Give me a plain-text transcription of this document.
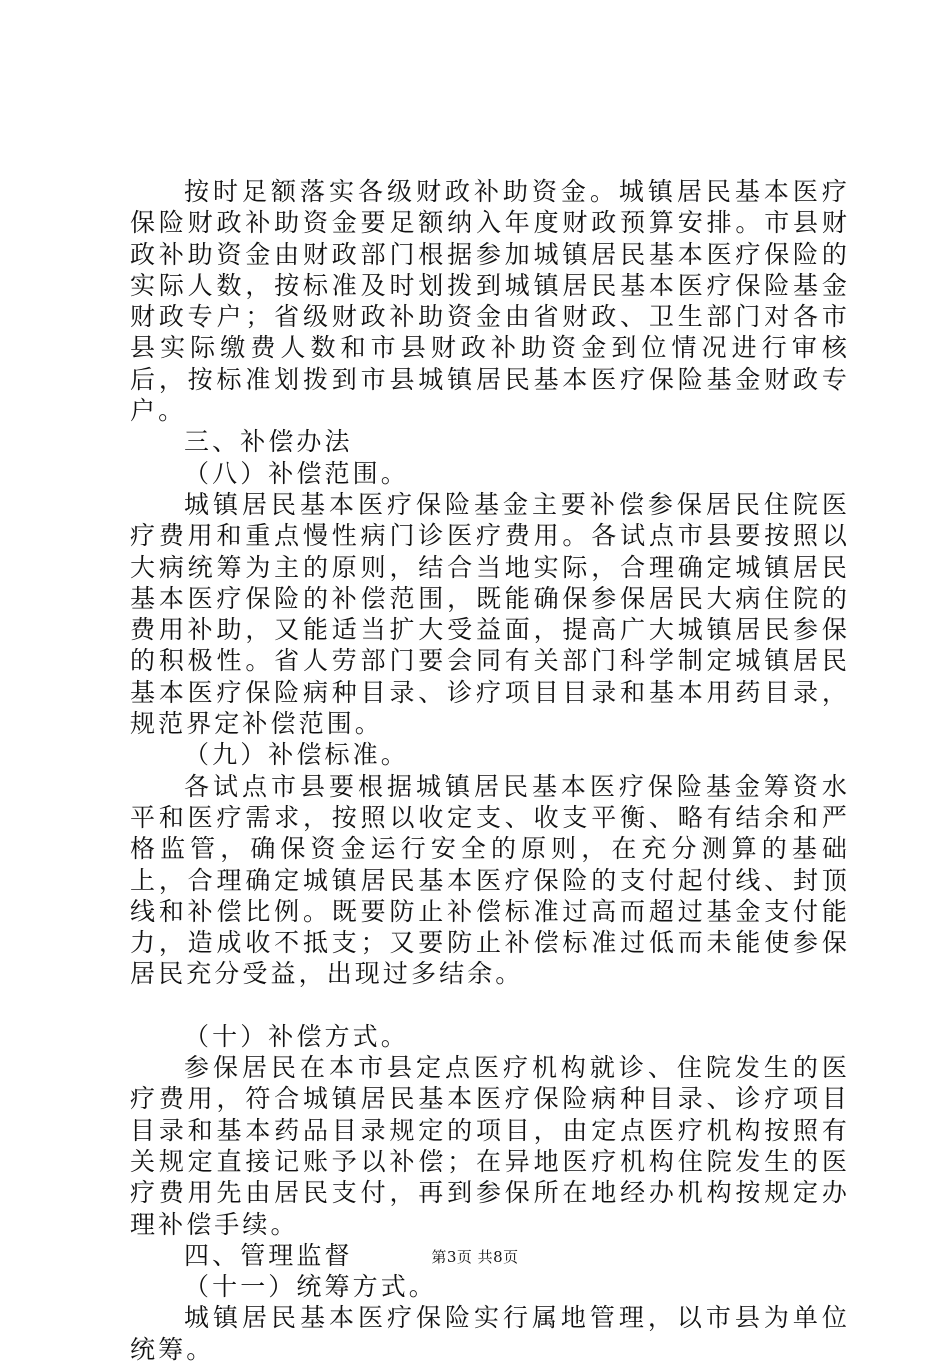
按时足额落实各级财政补助资金。城镇居民基本医疗保险财政补助资金要足额纳入年度财政预算安排。市县财政补助资金由财政部门根据参加城镇居民基本医疗保险的实际人数，按标准及时划拨到城镇居民基本医疗保险基金财政专户；省级财政补助资金由省财政、卫生部门对各市县实际缴费人数和市县财政补助资金到位情况进行审核后，按标准划拨到市县城镇居民基本医疗保险基金财政专户。

三、补偿办法

（八）补偿范围。

城镇居民基本医疗保险基金主要补偿参保居民住院医疗费用和重点慢性病门诊医疗费用。各试点市县要按照以大病统筹为主的原则，结合当地实际，合理确定城镇居民基本医疗保险的补偿范围，既能确保参保居民大病住院的费用补助，又能适当扩大受益面，提高广大城镇居民参保的积极性。省人劳部门要会同有关部门科学制定城镇居民基本医疗保险病种目录、诊疗项目目录和基本用药目录，规范界定补偿范围。

（九）补偿标准。

各试点市县要根据城镇居民基本医疗保险基金筹资水平和医疗需求，按照以收定支、收支平衡、略有结余和严格监管，确保资金运行安全的原则，在充分测算的基础上，合理确定城镇居民基本医疗保险的支付起付线、封顶线和补偿比例。既要防止补偿标准过高而超过基金支付能力，造成收不抵支；又要防止补偿标准过低而未能使参保居民充分受益，出现过多结余。

（十）补偿方式。

参保居民在本市县定点医疗机构就诊、住院发生的医疗费用，符合城镇居民基本医疗保险病种目录、诊疗项目目录和基本药品目录规定的项目，由定点医疗机构按照有关规定直接记账予以补偿；在异地医疗机构住院发生的医疗费用先由居民支付，再到参保所在地经办机构按规定办理补偿手续。

四、管理监督

（十一）统筹方式。

城镇居民基本医疗保险实行属地管理，以市县为单位统筹。

第3页 共8页
